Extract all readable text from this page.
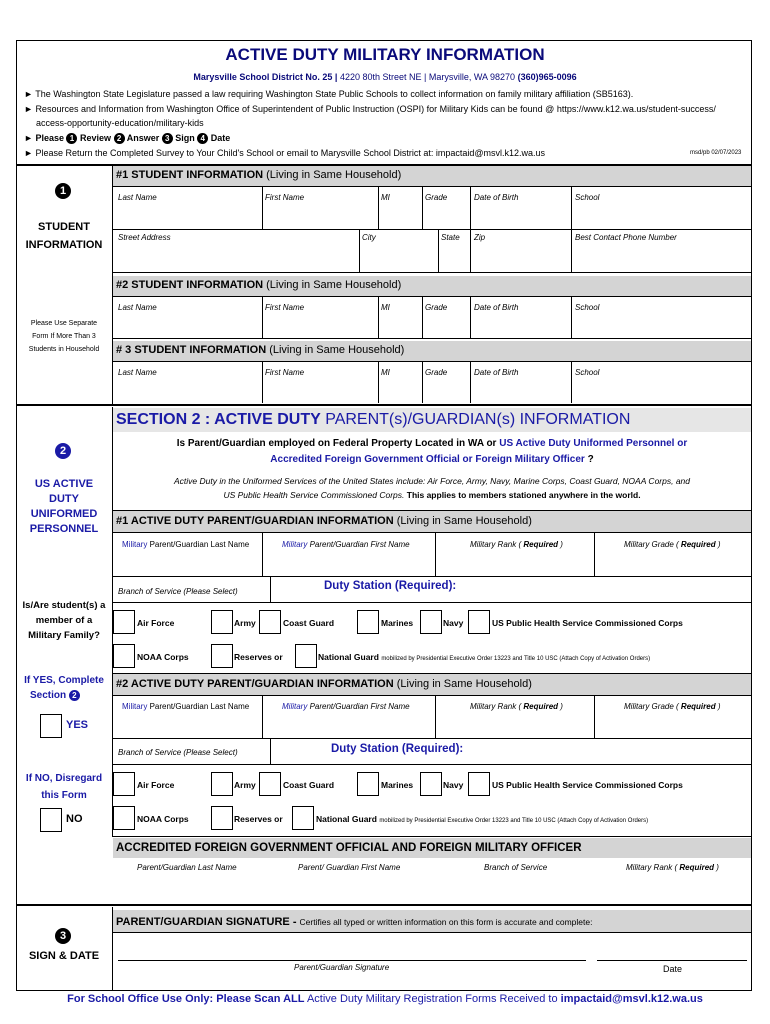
ACTIVE DUTY MILITARY INFORMATION
Marysville School District No. 25 | 4220 80th Street NE | Marysville, WA 98270 (360)965-0096
► The Washington State Legislature passed a law requiring Washington State Public Schools to collect information on family military affiliation (SB5163).
► Resources and Information from Washington Office of Superintendent of Public Instruction (OSPI) for Military Kids can be found @ https://www.k12.wa.us/student-success/
access-opportunity-education/military-kids
► Please 1 Review 2 Answer 3 Sign 4 Date
► Please Return the Completed Survey to Your Child's School or email to Marysville School District at: impactaid@msvl.k12.wa.us	msd/pb 02/07/2023
1
STUDENT
INFORMATION
Please Use Separate
Form If More Than 3
Students in Household
2
US ACTIVE
DUTY
UNIFORMED
PERSONNEL
Is/Are student(s) a
member of a
Military Family?
If YES, Complete
Section 2
YES
If NO, Disregard
this Form
NO
3
SIGN & DATE
#1 STUDENT INFORMATION (Living in Same Household)
Last Name	First Name	MI	Grade	Date of Birth	School
Street Address	City	State Zip	Best Contact Phone Number
#2 STUDENT INFORMATION (Living in Same Household)
Last Name	First Name	MI	Grade	Date of Birth	School
# 3 STUDENT INFORMATION (Living in Same Household)
Last Name	First Name	MI	Grade	Date of Birth	School
SECTION 2 : ACTIVE DUTY PARENT(s)/GUARDIAN(s) INFORMATION
Is Parent/Guardian employed on Federal Property Located in WA or US Active Duty Uniformed Personnel or
Accredited Foreign Government Official or Foreign Military Officer ?
Active Duty in the Uniformed Services of the United States include: Air Force, Army, Navy, Marine Corps, Coast Guard, NOAA Corps, and
US Public Health Service Commissioned Corps. This applies to members stationed anywhere in the world.
#1 ACTIVE DUTY PARENT/GUARDIAN INFORMATION (Living in Same Household)
Military Parent/Guardian Last Name	Military Parent/Guardian First Name	Military Rank ( Required )	Military Grade ( Required )
Branch of Service (Please Select)	Duty Station (Required):
Air Force	Army	Coast Guard	Marines	Navy	US Public Health Service Commissioned Corps
NOAA Corps	Reserves or	National Guard mobilized by Presidential Executive Order 13223 and Title 10 USC (Attach Copy of Activation Orders)
#2 ACTIVE DUTY PARENT/GUARDIAN INFORMATION (Living in Same Household)
Military Parent/Guardian Last Name	Military Parent/Guardian First Name	Military Rank ( Required )	Military Grade ( Required )
Branch of Service (Please Select)	Duty Station (Required):
Air Force	Army	Coast Guard	Marines	Navy	US Public Health Service Commissioned Corps
NOAA Corps	Reserves or	National Guard mobilized by Presidential Executive Order 13223 and Title 10 USC (Attach Copy of Activation Orders)
ACCREDITED FOREIGN GOVERNMENT OFFICIAL AND FOREIGN MILITARY OFFICER
Parent/Guardian Last Name	Parent/ Guardian First Name	Branch of Service	Military Rank ( Required )
PARENT/GUARDIAN SIGNATURE - Certifies all typed or written information on this form is accurate and complete:
Parent/Guardian Signature	Date
For School Office Use Only: Please Scan ALL Active Duty Military Registration Forms Received to impactaid@msvl.k12.wa.us
